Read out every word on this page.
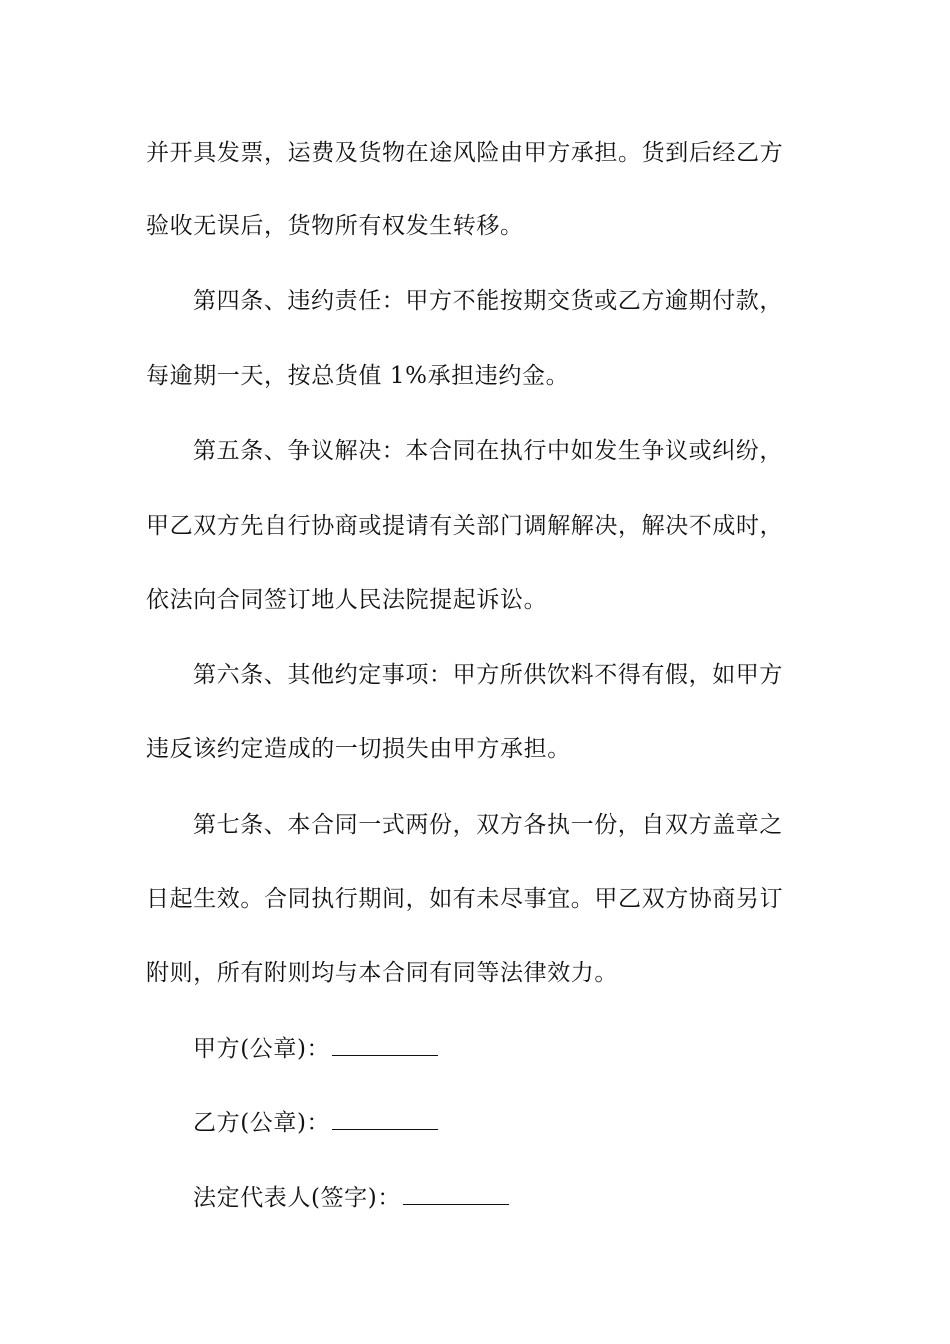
并开具发票，运费及货物在途风险由甲方承担。货到后经乙方
验收无误后，货物所有权发生转移。
第四条、违约责任：甲方不能按期交货或乙方逾期付款，
每逾期一天，按总货值 1%承担违约金。
第五条、争议解决：本合同在执行中如发生争议或纠纷，
甲乙双方先自行协商或提请有关部门调解解决，解决不成时，
依法向合同签订地人民法院提起诉讼。
第六条、其他约定事项：甲方所供饮料不得有假，如甲方
违反该约定造成的一切损失由甲方承担。
第七条、本合同一式两份，双方各执一份，自双方盖章之
日起生效。合同执行期间，如有未尽事宜。甲乙双方协商另订
附则，所有附则均与本合同有同等法律效力。
甲方(公章)：
乙方(公章)：
法定代表人(签字)：
